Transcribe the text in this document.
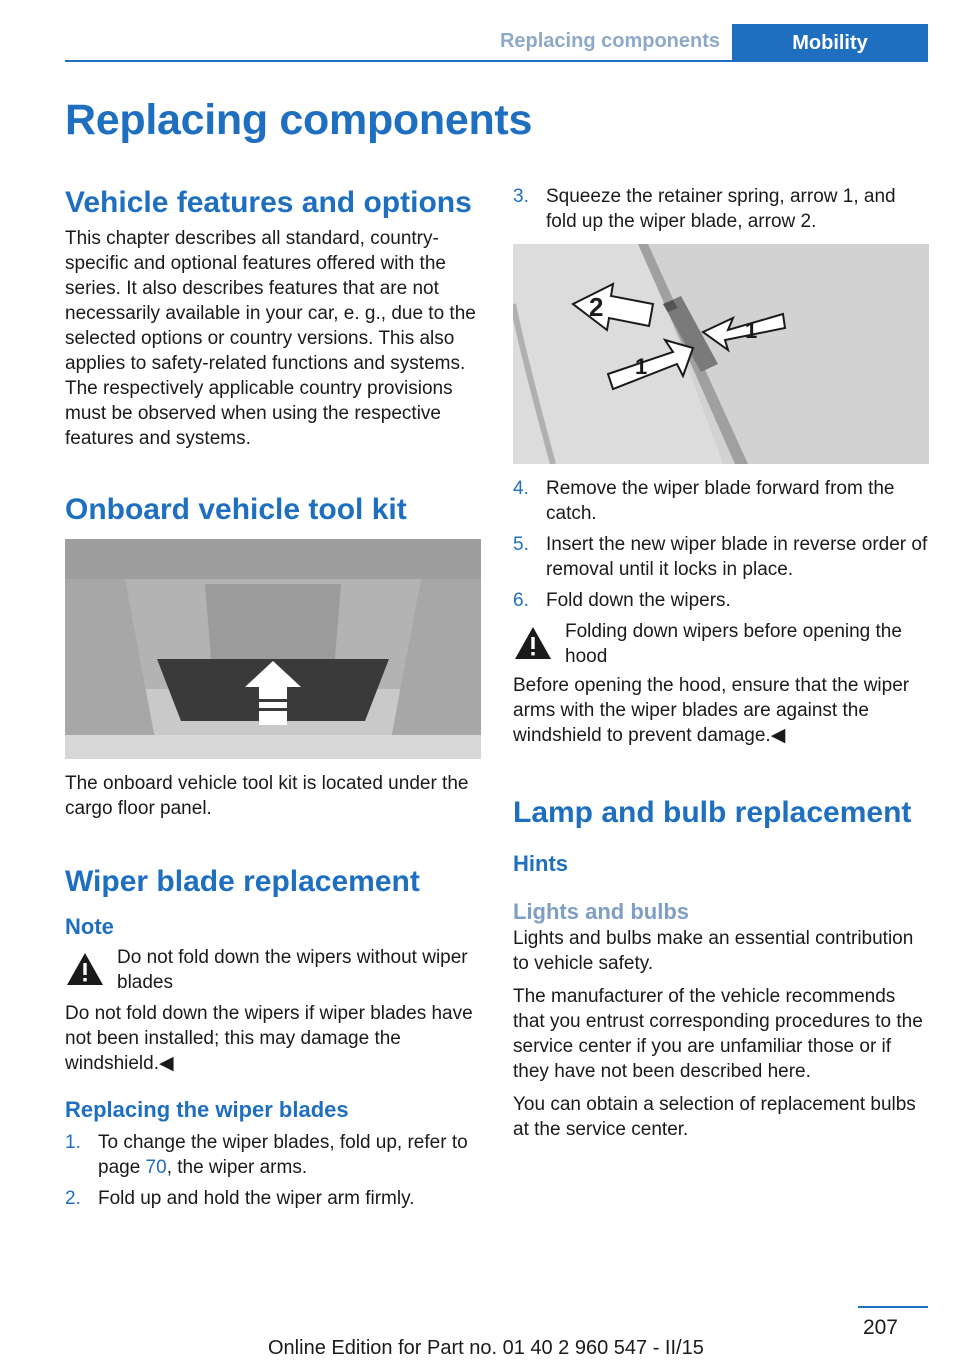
Replacing components	Mobility
Replacing components
Vehicle features and options

This chapter describes all standard, country-specific and optional features offered with the series. It also describes features that are not necessarily available in your car, e. g., due to the selected options or country versions. This also applies to safety-related functions and systems. The respectively applicable country provisions must be observed when using the respective features and systems.

Onboard vehicle tool kit

The onboard vehicle tool kit is located under the cargo floor panel.

Wiper blade replacement
Note
Do not fold down the wipers without wiper blades

Do not fold down the wipers if wiper blades have not been installed; this may damage the windshield.◀

Replacing the wiper blades
1. To change the wiper blades, fold up, refer to page 70, the wiper arms.
2. Fold up and hold the wiper arm firmly.
3. Squeeze the retainer spring, arrow 1, and fold up the wiper blade, arrow 2.
2
1
1
4. Remove the wiper blade forward from the catch.
5. Insert the new wiper blade in reverse order of removal until it locks in place.
6. Fold down the wipers.
Folding down wipers before opening the hood

Before opening the hood, ensure that the wiper arms with the wiper blades are against the windshield to prevent damage.◀

Lamp and bulb replacement
Hints
Lights and bulbs

Lights and bulbs make an essential contribution to vehicle safety.

The manufacturer of the vehicle recommends that you entrust corresponding procedures to the service center if you are unfamiliar those or if they have not been described here.

You can obtain a selection of replacement bulbs at the service center.

207
Online Edition for Part no. 01 40 2 960 547 - II/15
